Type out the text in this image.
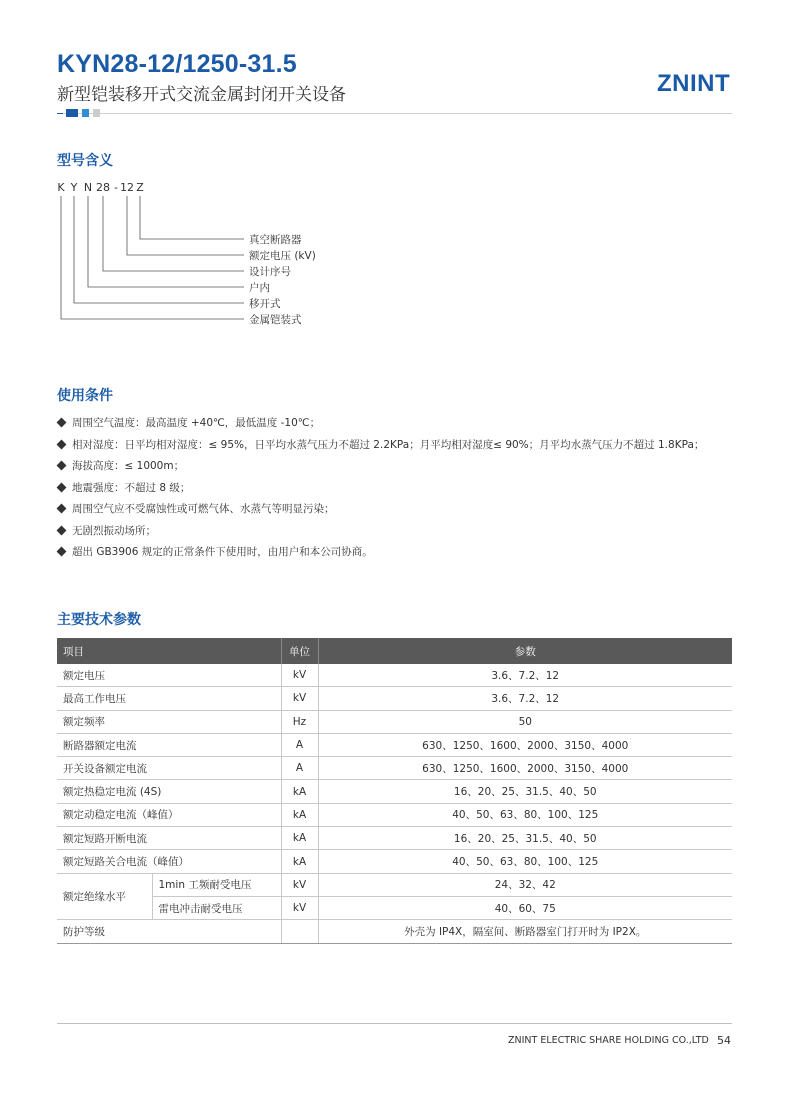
KYN28-12/1250-31.5
新型铠装移开式交流金属封闭开关设备	ZNINT
型号含义
K Y N 28 - 12 Z
真空断路器
额定电压 (kV)
设计序号
户内
移开式
金属铠装式
使用条件
周围空气温度：最高温度 +40℃，最低温度 -10℃；
相对湿度：日平均相对湿度：≤ 95%，日平均水蒸气压力不超过 2.2KPa；月平均相对湿度≤ 90%；月平均水蒸气压力不超过 1.8KPa；
海拔高度：≤ 1000m；
地震强度：不超过 8 级；
周围空气应不受腐蚀性或可燃气体、水蒸气等明显污染；
无剧烈振动场所；
超出 GB3906 规定的正常条件下使用时，由用户和本公司协商。
主要技术参数
项目		单位	参数
额定电压		kV	3.6、7.2、12
最高工作电压		kV	3.6、7.2、12
额定频率		Hz	50
断路器额定电流		A	630、1250、1600、2000、3150、4000
开关设备额定电流		A	630、1250、1600、2000、3150、4000
额定热稳定电流 (4S)		kA	16、20、25、31.5、40、50
额定动稳定电流（峰值）		kA	40、50、63、80、100、125
额定短路开断电流		kA	16、20、25、31.5、40、50
额定短路关合电流（峰值）		kA	40、50、63、80、100、125
额定绝缘水平	1min 工频耐受电压	kV	24、32、42
	雷电冲击耐受电压	kV	40、60、75
防护等级			外壳为 IP4X，隔室间、断路器室门打开时为 IP2X。
ZNINT ELECTRIC SHARE HOLDING CO.,LTD 54
